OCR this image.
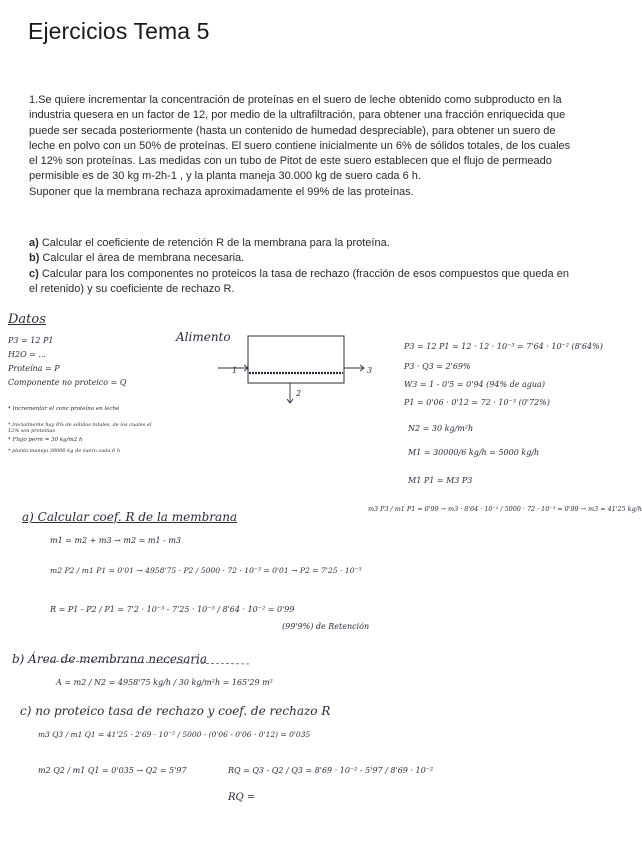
Ejercicios Tema 5

1.Se quiere incrementar la concentración de proteínas en el suero de leche obtenido como subproducto en la industria quesera en un factor de 12, por medio de la ultrafiltración, para obtener una fracción enriquecida que puede ser secada posteriormente (hasta un contenido de humedad despreciable), para obtener un suero de leche en polvo con un 50% de proteínas. El suero contiene inicialmente un 6% de sólidos totales, de los cuales el 12% son proteínas. Las medidas con un tubo de Pitot de este suero establecen que el flujo de permeado permisible es de 30 kg m-2h-1 , y la planta maneja 30.000 kg de suero cada 6 h.

Suponer que la membrana rechaza aproximadamente el 99% de las proteínas.

a) Calcular el coeficiente de retención R de la membrana para la proteína.

b) Calcular el área de membrana necesaria.

c) Calcular para los componentes no proteicos la tasa de rechazo (fracción de esos compuestos que queda en el retenido) y su coeficiente de rechazo R.

Datos
P3 = 12 P1
H2O = ...
Proteína = P
Componente no proteico = Q
* Incrementar el conc proteína en leche
* Inicialmente hay 6% de sólidos totales, de los cuales el 12% son proteínas
* Flujo perm = 30 kg/m2 h
* planta maneja 30000 kg de suero cada 6 h
Alimento
1
2
3
P3 = 12 P1 = 12 · 12 · 10⁻³ = 7'64 · 10⁻² (8'64%)
P3 · Q3 = 2'69%
W3 = 1 - 0'5 = 0'94 (94% de agua)
P1 = 0'06 · 0'12 = 72 · 10⁻³ (0'72%)
N2 = 30 kg/m²h
M1 = 30000/6 kg/h = 5000 kg/h
M1 P1 = M3 P3
m3 P3 / m1 P1 = 0'99 → m3 · 8'64 · 10⁻² / 5000 · 72 · 10⁻³ = 0'99 → m3 = 41'25 kg/h
a) Calcular coef. R de la membrana
m1 = m2 + m3 → m2 = m1 - m3
m2 P2 / m1 P1 = 0'01 → 4958'75 · P2 / 5000 · 72 · 10⁻³ = 0'01 → P2 = 7'25 · 10⁻⁵
R = P1 - P2 / P1 = 7'2 · 10⁻³ - 7'25 · 10⁻⁵ / 8'64 · 10⁻² = 0'99
(99'9%) de Retención
b) Área de membrana necesaria
A = m2 / N2 = 4958'75 kg/h / 30 kg/m²h = 165'29 m²
c) no proteico tasa de rechazo y coef. de rechazo R
m3 Q3 / m1 Q1 = 41'25 · 2'69 · 10⁻² / 5000 · (0'06 - 0'06 · 0'12) = 0'035
m2 Q2 / m1 Q1 = 0'035 → Q2 = 5'97	RQ = Q3 - Q2 / Q3 = 8'69 · 10⁻² - 5'97 / 8'69 · 10⁻²
RQ =
